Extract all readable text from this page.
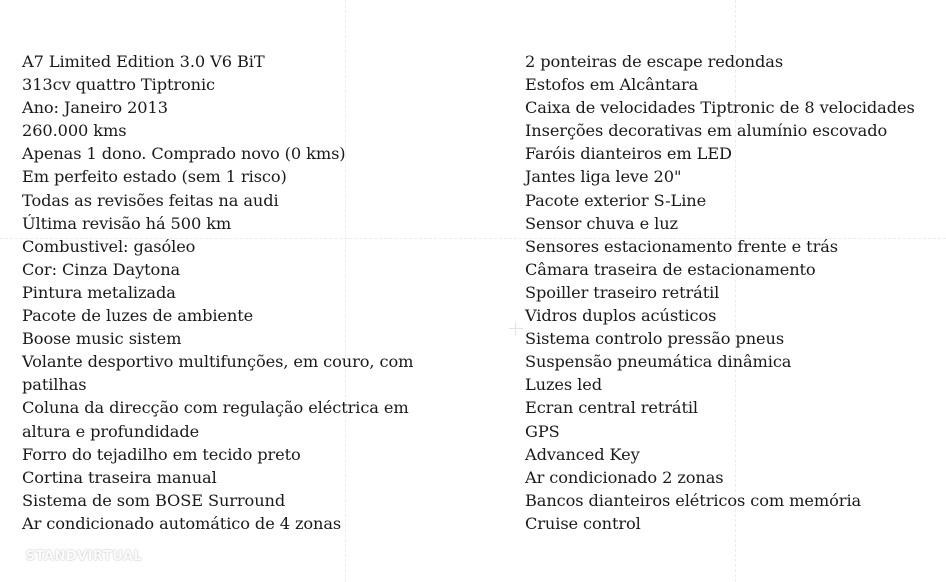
A7 Limited Edition 3.0 V6 BiT
313cv quattro Tiptronic
Ano: Janeiro 2013
260.000 kms
Apenas 1 dono. Comprado novo (0 kms)
Em perfeito estado (sem 1 risco)
Todas as revisões feitas na audi
Última revisão há 500 km
Combustivel: gasóleo
Cor: Cinza Daytona
Pintura metalizada
Pacote de luzes de ambiente
Boose music sistem
Volante desportivo multifunções, em couro, com
patilhas
Coluna da direcção com regulação eléctrica em
altura e profundidade
Forro do tejadilho em tecido preto
Cortina traseira manual
Sistema de som BOSE Surround
Ar condicionado automático de 4 zonas
2 ponteiras de escape redondas
Estofos em Alcântara
Caixa de velocidades Tiptronic de 8 velocidades
Inserções decorativas em alumínio escovado
Faróis dianteiros em LED
Jantes liga leve 20"
Pacote exterior S-Line
Sensor chuva e luz
Sensores estacionamento frente e trás
Câmara traseira de estacionamento
Spoiller traseiro retrátil
Vidros duplos acústicos
Sistema controlo pressão pneus
Suspensão pneumática dinâmica
Luzes led
Ecran central retrátil
GPS
Advanced Key
Ar condicionado 2 zonas
Bancos dianteiros elétricos com memória
Cruise control
STANDVIRTUAL
